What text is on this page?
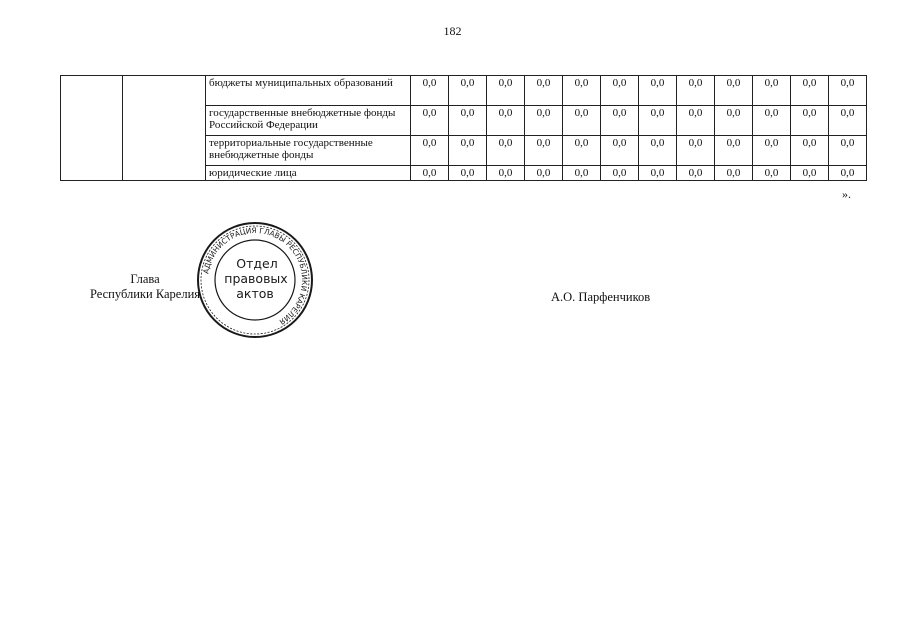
182
		бюджеты муниципальных образований	0,0	0,0	0,0	0,0	0,0	0,0	0,0	0,0	0,0	0,0	0,0	0,0
		государственные внебюджетные фонды Российской Федерации	0,0	0,0	0,0	0,0	0,0	0,0	0,0	0,0	0,0	0,0	0,0	0,0
		территориальные государственные внебюджетные фонды	0,0	0,0	0,0	0,0	0,0	0,0	0,0	0,0	0,0	0,0	0,0	0,0
		юридические лица	0,0	0,0	0,0	0,0	0,0	0,0	0,0	0,0	0,0	0,0	0,0	0,0
».
Глава
Республики Карелия
АДМИНИСТРАЦИЯ ГЛАВЫ РЕСПУБЛИКИ КАРЕЛИЯ
Отдел
правовых
актов	А.О. Парфенчиков
